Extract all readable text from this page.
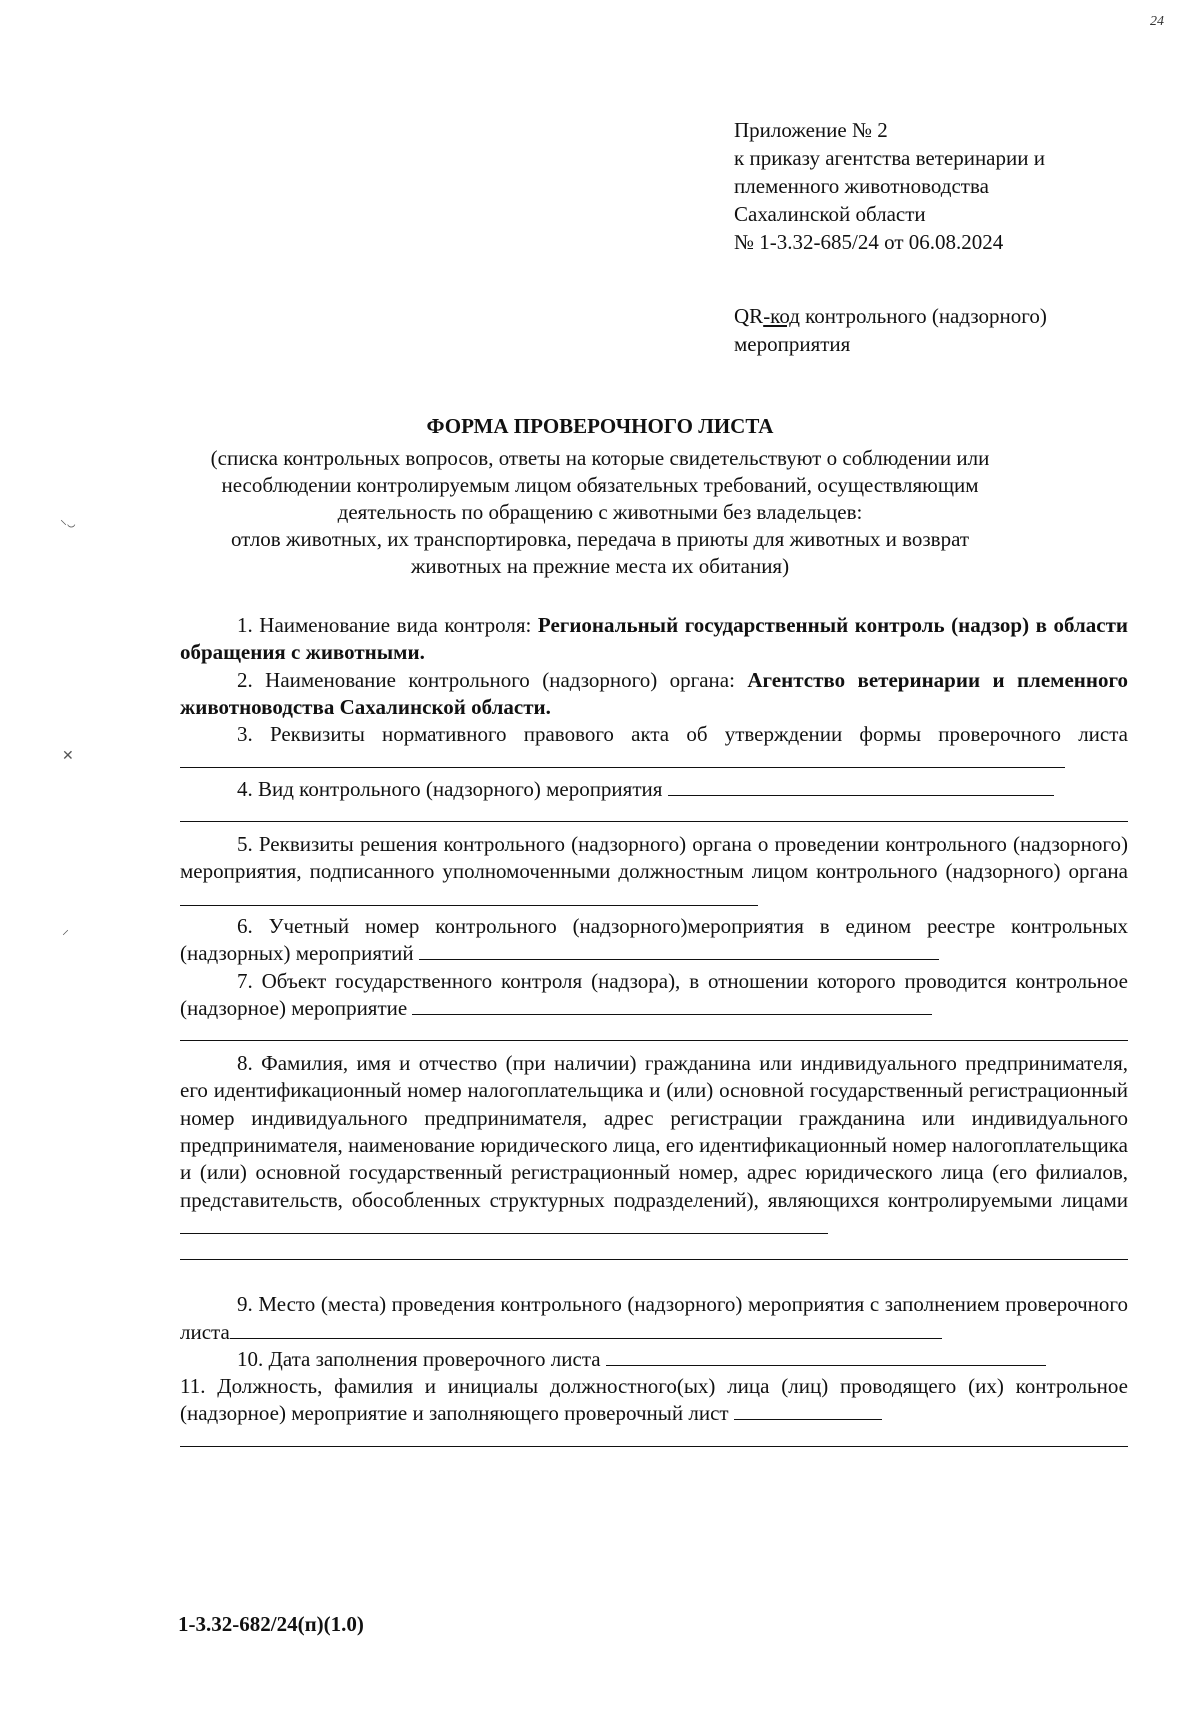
24
Приложение № 2
к приказу агентства ветеринарии и
племенного животноводства
Сахалинской области
№ 1-3.32-685/24 от 06.08.2024
QR-код контрольного (надзорного)
мероприятия
ФОРМА ПРОВЕРОЧНОГО ЛИСТА
(списка контрольных вопросов, ответы на которые свидетельствуют о соблюдении или
несоблюдении контролируемым лицом обязательных требований, осуществляющим
деятельность по обращению с животными без владельцев:
отлов животных, их транспортировка, передача в приюты для животных и возврат
животных на прежние места их обитания)

1. Наименование вида контроля: Региональный государственный контроль (надзор) в области обращения с животными.

2. Наименование контрольного (надзорного) органа: Агентство ветеринарии и племенного животноводства Сахалинской области.

3. Реквизиты нормативного правового акта об утверждении формы проверочного листа

4. Вид контрольного (надзорного) мероприятия

5. Реквизиты решения контрольного (надзорного) органа о проведении контрольного (надзорного) мероприятия, подписанного уполномоченными должностным лицом контрольного (надзорного) органа

6. Учетный номер контрольного (надзорного)мероприятия в едином реестре контрольных (надзорных) мероприятий

7. Объект государственного контроля (надзора), в отношении которого проводится контрольное (надзорное) мероприятие

8. Фамилия, имя и отчество (при наличии) гражданина или индивидуального предпринимателя, его идентификационный номер налогоплательщика и (или) основной государственный регистрационный номер индивидуального предпринимателя, адрес регистрации гражданина или индивидуального предпринимателя, наименование юридического лица, его идентификационный номер налогоплательщика и (или) основной государственный регистрационный номер, адрес юридического лица (его филиалов, представительств, обособленных структурных подразделений), являющихся контролируемыми лицами

9. Место (места) проведения контрольного (надзорного) мероприятия с заполнением проверочного листа

10. Дата заполнения проверочного листа

11. Должность, фамилия и инициалы должностного(ых) лица (лиц) проводящего (их) контрольное (надзорное) мероприятие и заполняющего проверочный лист

1-3.32-682/24(п)(1.0)
⸜‿
✕
⸝
